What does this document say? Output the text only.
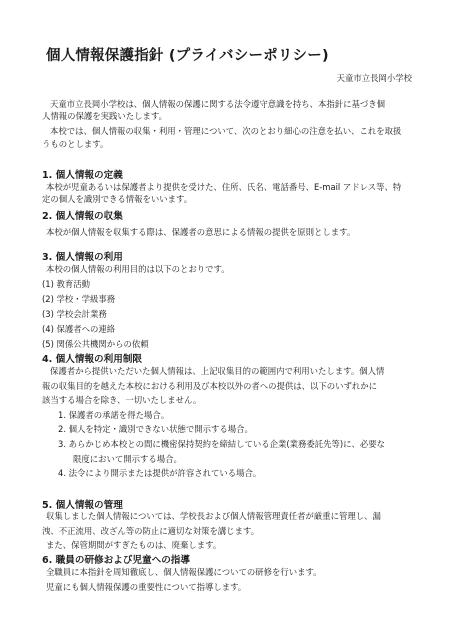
個人情報保護指針 (プライバシーポリシー)
天童市立長岡小学校
天童市立長岡小学校は、個人情報の保護に関する法令遵守意識を持ち、本指針に基づき個
人情報の保護を実践いたします。
本校では、個人情報の収集・利用・管理について、次のとおり細心の注意を払い、これを取扱
うものとします。
1. 個人情報の定義
本校が児童あるいは保護者より提供を受けた、住所、氏名、電話番号、E-mail アドレス等、特
定の個人を識別できる情報をいいます。
2. 個人情報の収集
本校が個人情報を収集する際は、保護者の意思による情報の提供を原則とします。
3. 個人情報の利用
本校の個人情報の利用目的は以下のとおりです。
(1) 教育活動
(2) 学校・学級事務
(3) 学校会計業務
(4) 保護者への連絡
(5) 関係公共機関からの依頼
4. 個人情報の利用制限
保護者から提供いただいた個人情報は、上記収集目的の範囲内で利用いたします。個人情
報の収集目的を越えた本校における利用及び本校以外の者への提供は、以下のいずれかに
該当する場合を除き、一切いたしません。
1. 保護者の承諾を得た場合。
2. 個人を特定・識別できない状態で開示する場合。
3. あらかじめ本校との間に機密保持契約を締結している企業(業務委託先等)に、必要な
限度において開示する場合。
4. 法令により開示または提供が許容されている場合。
5. 個人情報の管理
収集しました個人情報については、学校長および個人情報管理責任者が厳重に管理し、漏
洩、不正流用、改ざん等の防止に適切な対策を講じます。
また、保管期間がすぎたものは、廃棄します。
6. 職員の研修および児童への指導
全職員に本指針を周知徹底し、個人情報保護についての研修を行います。
児童にも個人情報保護の重要性について指導します。
